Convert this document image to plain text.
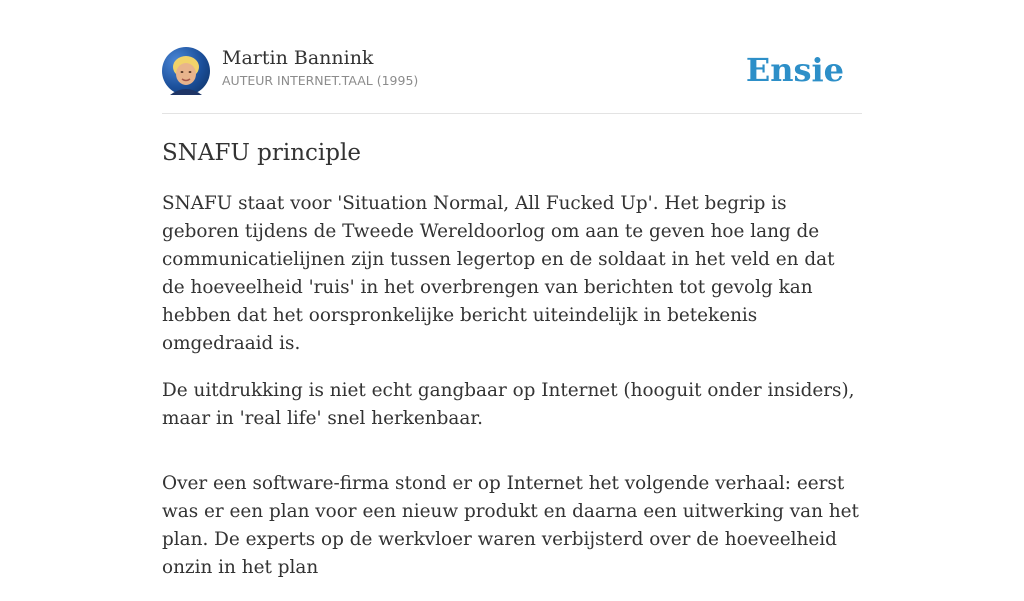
Martin Bannink
AUTEUR INTERNET.TAAL (1995)	Ensie
SNAFU principle

SNAFU staat voor 'Situation Normal, All Fucked Up'. Het begrip is geboren tijdens de Tweede Wereldoorlog om aan te geven hoe lang de communicatielijnen zijn tussen legertop en de soldaat in het veld en dat de hoeveelheid 'ruis' in het overbrengen van berichten tot gevolg kan hebben dat het oorspronkelijke bericht uiteindelijk in betekenis omgedraaid is.

De uitdrukking is niet echt gangbaar op Internet (hooguit onder insiders), maar in 'real life' snel herkenbaar.

Over een software-firma stond er op Internet het volgende verhaal: eerst was er een plan voor een nieuw produkt en daarna een uitwerking van het plan. De experts op de werkvloer waren verbijsterd over de hoeveelheid onzin in het plan
